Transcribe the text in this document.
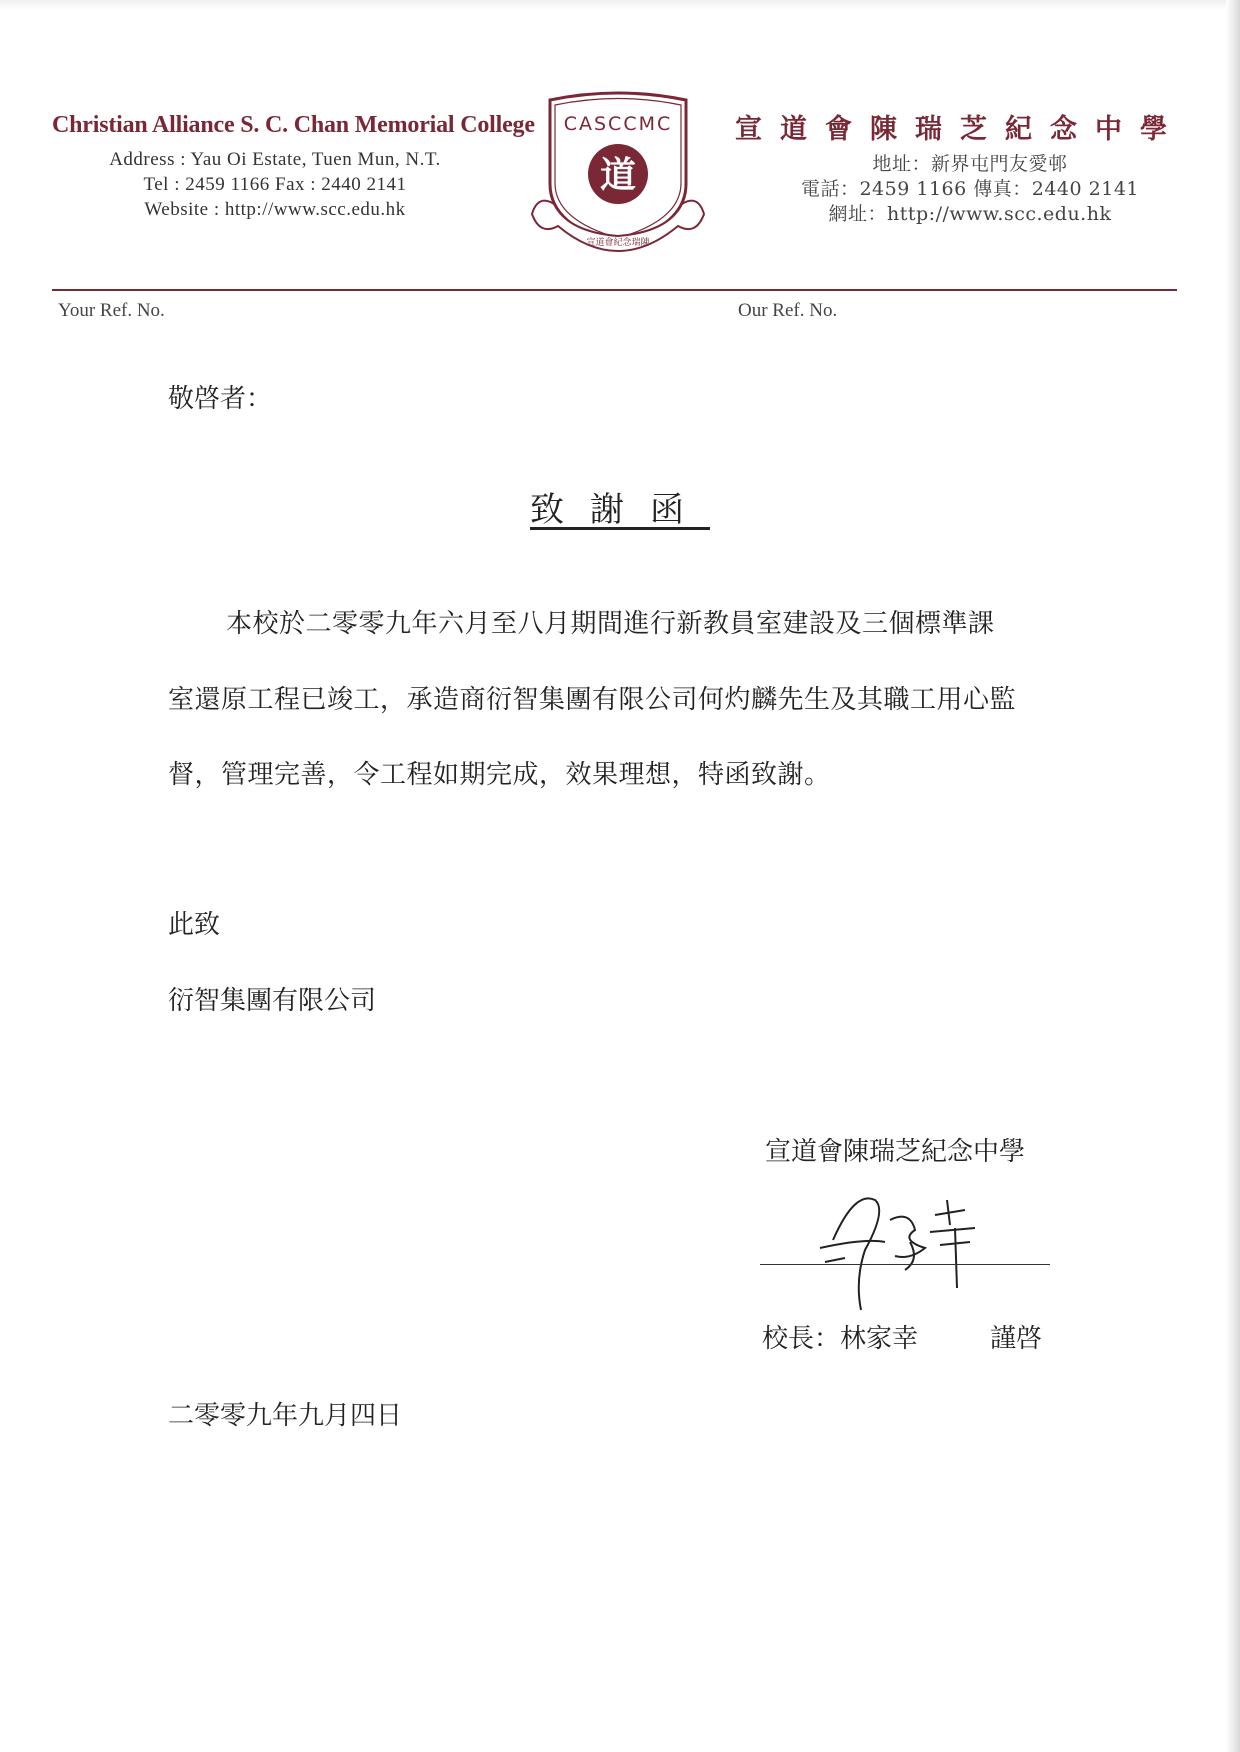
Christian Alliance S. C. Chan Memorial College
Address : Yau Oi Estate, Tuen Mun, N.T.
Tel : 2459 1166 Fax : 2440 2141
Website : http://www.scc.edu.hk
CASCCMC
道
宣道會紀念瑞陳
宣道會陳瑞芝紀念中學
地址：新界屯門友愛邨
電話：2459 1166 傳真：2440 2141
網址：http://www.scc.edu.hk
Your Ref. No.	Our Ref. No.
敬啓者：
致謝函
本校於二零零九年六月至八月期間進行新教員室建設及三個標準課
室還原工程已竣工，承造商衍智集團有限公司何灼麟先生及其職工用心監
督，管理完善，令工程如期完成，效果理想，特函致謝。
此致
衍智集團有限公司
宣道會陳瑞芝紀念中學
校長：林家幸	謹啓
二零零九年九月四日
